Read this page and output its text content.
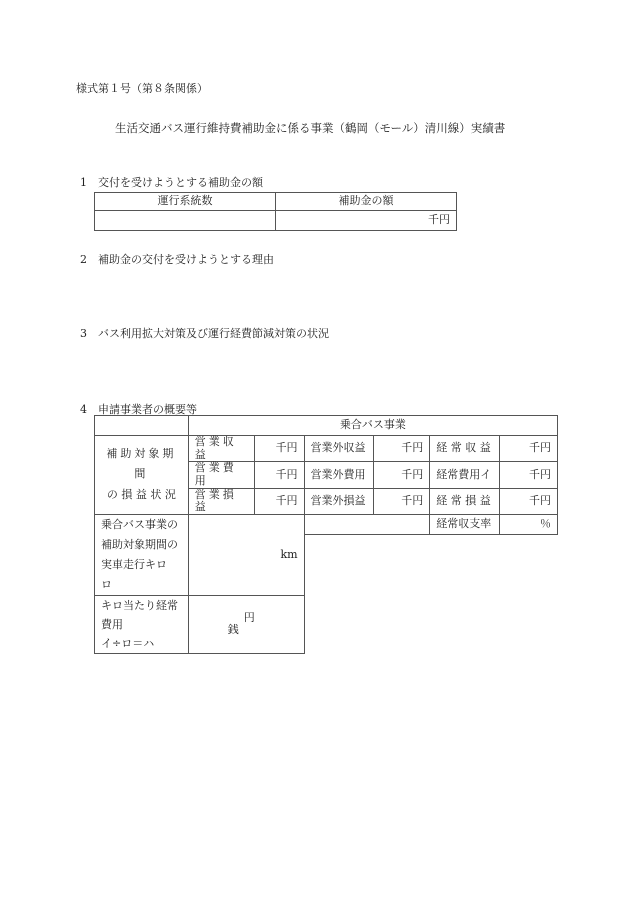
様式第１号（第８条関係）
生活交通バス運行維持費補助金に係る事業（鶴岡（モール）清川線）実績書
1　交付を受けようとする補助金の額
運行系統数	補助金の額
	千円
2　補助金の交付を受けようとする理由
3　バス利用拡大対策及び運行経費節減対策の状況
4　申請事業者の概要等
	乗合バス事業					
補助対象期間
の 損 益 状 況	営業収益	千円	営業外収益	千円	経 常 収 益	千円
	営業費用	千円	営業外費用	千円	経常費用イ	千円
	営業損益	千円	営業外損益	千円	経 常 損 益	千円
乗合バス事業の
補助対象期間の
実車走行キロ
ロ	km				経常収支率	％

キロ当たり経常
費用
イ÷ロ＝ハ	円 銭					
